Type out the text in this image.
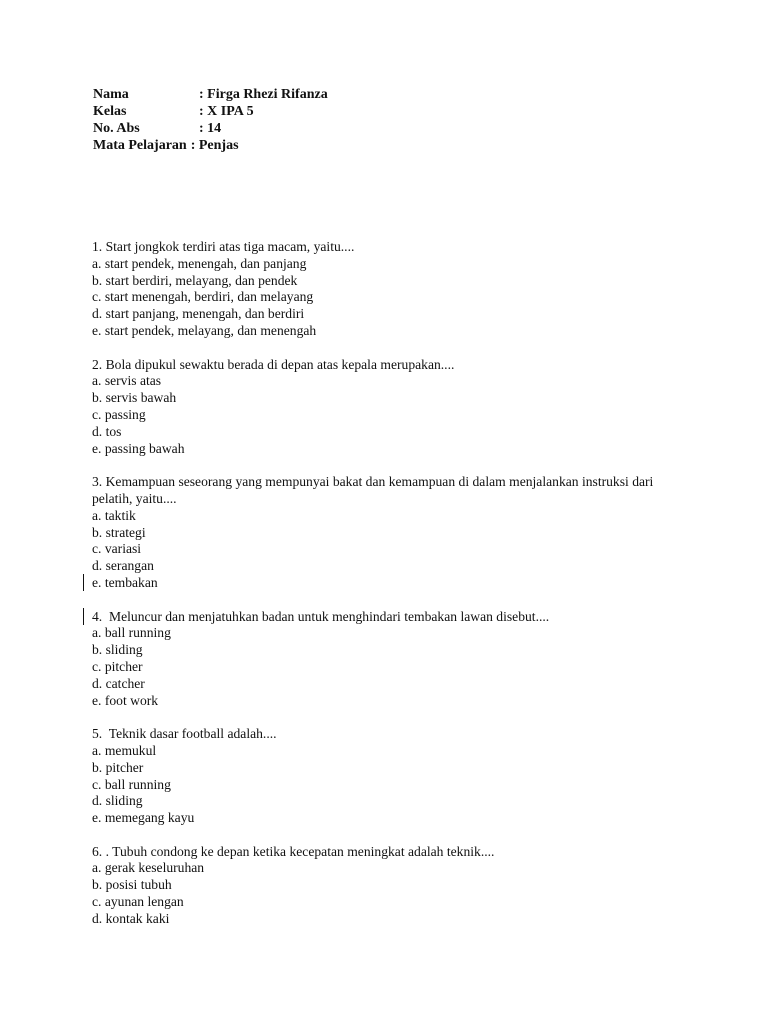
Nama	: Firga Rhezi Rifanza
Kelas	: X IPA 5
No. Abs	: 14
Mata Pelajaran : Penjas

1. Start jongkok terdiri atas tiga macam, yaitu....

a. start pendek, menengah, dan panjang

b. start berdiri, melayang, dan pendek

c. start menengah, berdiri, dan melayang

d. start panjang, menengah, dan berdiri

e. start pendek, melayang, dan menengah

2. Bola dipukul sewaktu berada di depan atas kepala merupakan....

a. servis atas

b. servis bawah

c. passing

d. tos

e. passing bawah

3. Kemampuan seseorang yang mempunyai bakat dan kemampuan di dalam menjalankan instruksi dari pelatih, yaitu....

a. taktik

b. strategi

c. variasi

d. serangan

e. tembakan

4.  Meluncur dan menjatuhkan badan untuk menghindari tembakan lawan disebut....

a. ball running

b. sliding

c. pitcher

d. catcher

e. foot work

5.  Teknik dasar football adalah....

a. memukul

b. pitcher

c. ball running

d. sliding

e. memegang kayu

6. . Tubuh condong ke depan ketika kecepatan meningkat adalah teknik....

a. gerak keseluruhan

b. posisi tubuh

c. ayunan lengan

d. kontak kaki
